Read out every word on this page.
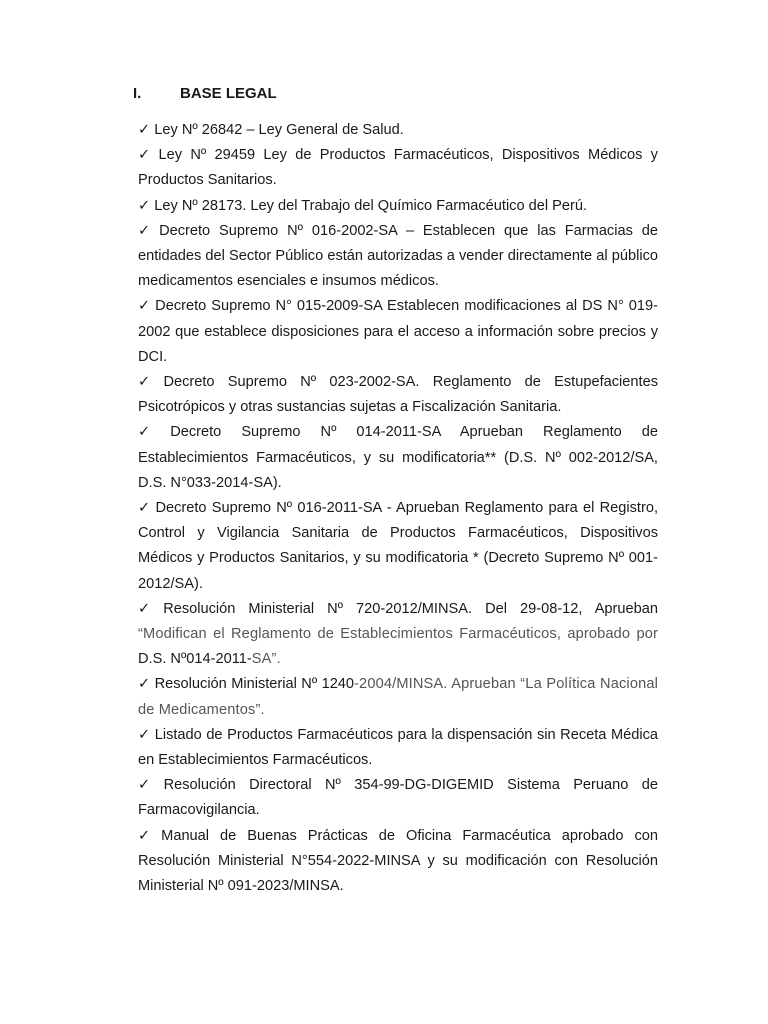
I.	BASE LEGAL

✓ Ley Nº 26842 – Ley General de Salud.

✓ Ley Nº 29459 Ley de Productos Farmacéuticos, Dispositivos Médicos y Productos Sanitarios.

✓ Ley Nº 28173. Ley del Trabajo del Químico Farmacéutico del Perú.

✓ Decreto Supremo Nº 016-2002-SA – Establecen que las Farmacias de entidades del Sector Público están autorizadas a vender directamente al público medicamentos esenciales e insumos médicos.

✓ Decreto Supremo N° 015-2009-SA Establecen modificaciones al DS N° 019-2002 que establece disposiciones para el acceso a información sobre precios y DCI.

✓ Decreto Supremo Nº 023-2002-SA. Reglamento de Estupefacientes Psicotrópicos y otras sustancias sujetas a Fiscalización Sanitaria.

✓ Decreto Supremo Nº 014-2011-SA Aprueban Reglamento de Establecimientos Farmacéuticos, y su modificatoria** (D.S. Nº 002-2012/SA, D.S. N°033-2014-SA).

✓ Decreto Supremo Nº 016-2011-SA - Aprueban Reglamento para el Registro, Control y Vigilancia Sanitaria de Productos Farmacéuticos, Dispositivos Médicos y Productos Sanitarios, y su modificatoria * (Decreto Supremo Nº 001-2012/SA).

✓ Resolución Ministerial Nº 720-2012/MINSA. Del 29-08-12, Aprueban “Modifican el Reglamento de Establecimientos Farmacéuticos, aprobado por D.S. Nº014-2011-SA”.

✓ Resolución Ministerial Nº 1240-2004/MINSA. Aprueban “La Política Nacional de Medicamentos”.

✓ Listado de Productos Farmacéuticos para la dispensación sin Receta Médica en Establecimientos Farmacéuticos.

✓ Resolución Directoral Nº 354-99-DG-DIGEMID Sistema Peruano de Farmacovigilancia.

✓ Manual de Buenas Prácticas de Oficina Farmacéutica aprobado con Resolución Ministerial N°554-2022-MINSA y su modificación con Resolución Ministerial Nº 091-2023/MINSA.
